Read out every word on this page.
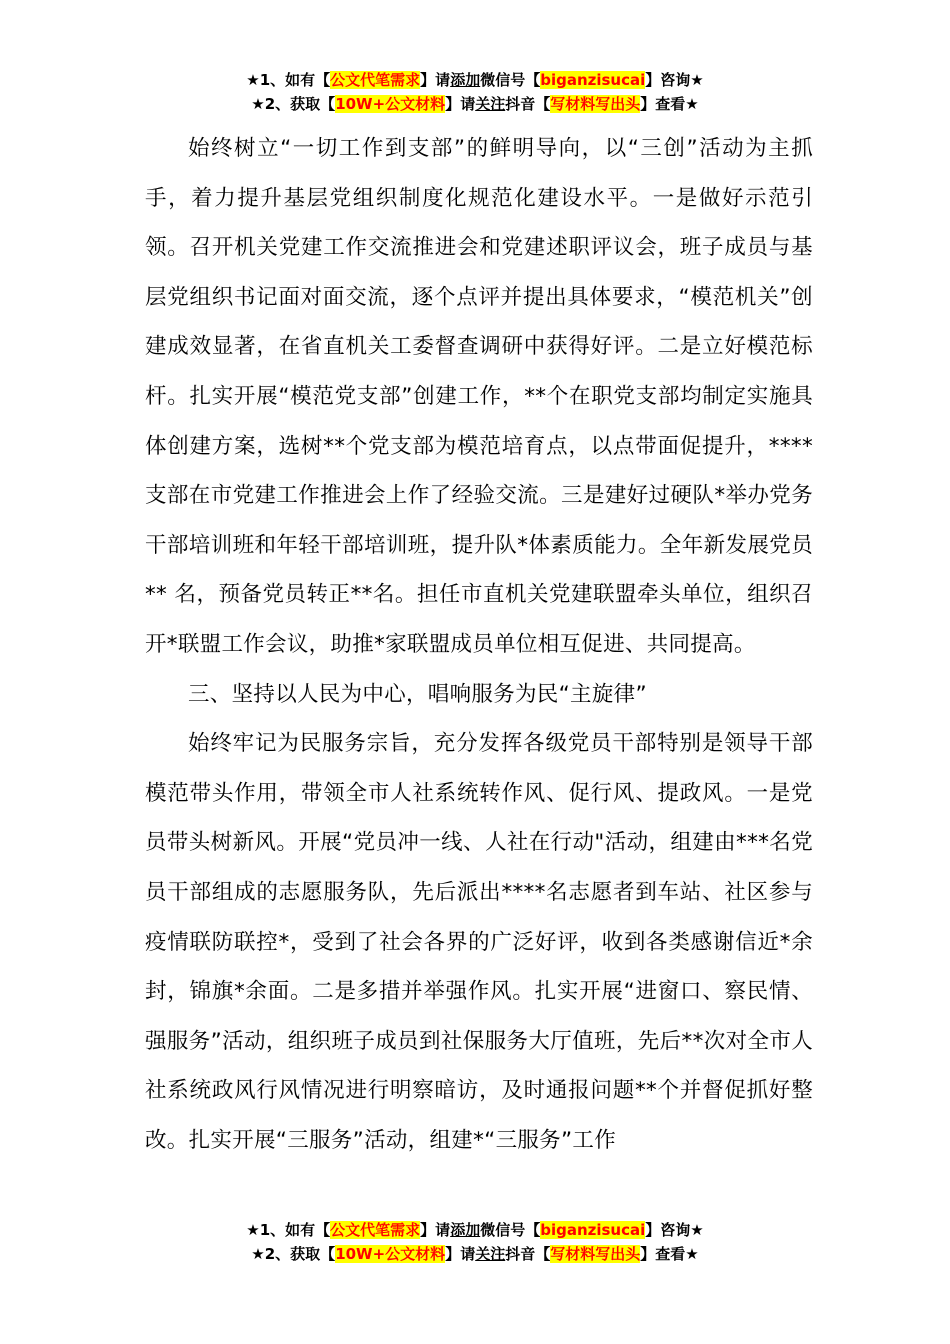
★1、如有【公文代笔需求】请添加微信号【biganzisucai】咨询★
★2、获取【10W+公文材料】请关注抖音【写材料写出头】查看★

始终树立“一切工作到支部”的鲜明导向，以“三创”活动为主抓手，着力提升基层党组织制度化规范化建设水平。一是做好示范引领。召开机关党建工作交流推进会和党建述职评议会，班子成员与基层党组织书记面对面交流，逐个点评并提出具体要求，“模范机关”创建成效显著，在省直机关工委督查调研中获得好评。二是立好模范标杆。扎实开展“模范党支部”创建工作，**个在职党支部均制定实施具体创建方案，选树**个党支部为模范培育点，以点带面促提升，****支部在市党建工作推进会上作了经验交流。三是建好过硬队*举办党务干部培训班和年轻干部培训班，提升队*体素质能力。全年新发展党员** 名，预备党员转正**名。担任市直机关党建联盟牵头单位，组织召开*联盟工作会议，助推*家联盟成员单位相互促进、共同提高。

三、坚持以人民为中心，唱响服务为民“主旋律”

始终牢记为民服务宗旨，充分发挥各级党员干部特别是领导干部模范带头作用，带领全市人社系统转作风、促行风、提政风。一是党员带头树新风。开展“党员冲一线、人社在行动"活动，组建由***名党员干部组成的志愿服务队，先后派出****名志愿者到车站、社区参与疫情联防联控*，受到了社会各界的广泛好评，收到各类感谢信近*余封，锦旗*余面。二是多措并举强作风。扎实开展“进窗口、察民情、强服务”活动，组织班子成员到社保服务大厅值班，先后**次对全市人社系统政风行风情况进行明察暗访，及时通报问题**个并督促抓好整改。扎实开展“三服务”活动，组建*“三服务”工作

★1、如有【公文代笔需求】请添加微信号【biganzisucai】咨询★
★2、获取【10W+公文材料】请关注抖音【写材料写出头】查看★
